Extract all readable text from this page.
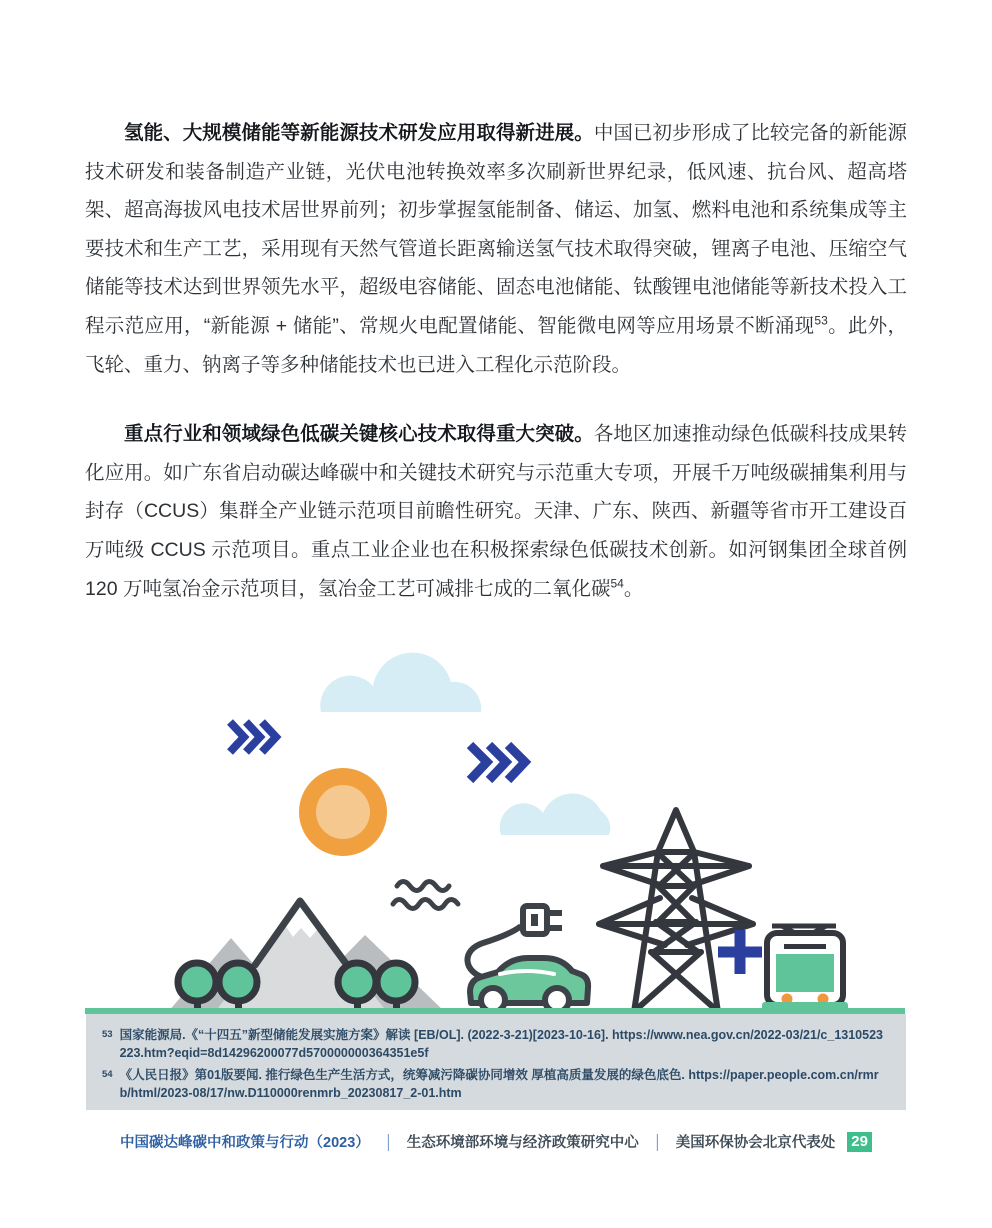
氢能、大规模储能等新能源技术研发应用取得新进展。中国已初步形成了比较完备的新能源技术研发和装备制造产业链，光伏电池转换效率多次刷新世界纪录，低风速、抗台风、超高塔架、超高海拔风电技术居世界前列；初步掌握氢能制备、储运、加氢、燃料电池和系统集成等主要技术和生产工艺，采用现有天然气管道长距离输送氢气技术取得突破，锂离子电池、压缩空气储能等技术达到世界领先水平，超级电容储能、固态电池储能、钛酸锂电池储能等新技术投入工程示范应用，“新能源 + 储能”、常规火电配置储能、智能微电网等应用场景不断涌现$^{53}$。此外，飞轮、重力、钠离子等多种储能技术也已进入工程化示范阶段。

重点行业和领域绿色低碳关键核心技术取得重大突破。各地区加速推动绿色低碳科技成果转化应用。如广东省启动碳达峰碳中和关键技术研究与示范重大专项，开展千万吨级碳捕集利用与封存（CCUS）集群全产业链示范项目前瞻性研究。天津、广东、陕西、新疆等省市开工建设百万吨级 CCUS 示范项目。重点工业企业也在积极探索绿色低碳技术创新。如河钢集团全球首例 120 万吨氢冶金示范项目，氢冶金工艺可减排七成的二氧化碳$^{54}$。

53 国家能源局.《“十四五”新型储能发展实施方案》解读 [EB/OL]. (2022-3-21)[2023-10-16]. https://www.nea.gov.cn/2022-03/21/c_1310523223.htm?eqid=8d14296200077d570000000364351e5f
54 《人民日报》第01版要闻. 推行绿色生产生活方式，统筹减污降碳协同增效 厚植高质量发展的绿色底色. https://paper.people.com.cn/rmrb/html/2023-08/17/nw.D110000renmrb_20230817_2-01.htm
中国碳达峰碳中和政策与行动（2023） ｜ 生态环境部环境与经济政策研究中心 ｜ 美国环保协会北京代表处 29
